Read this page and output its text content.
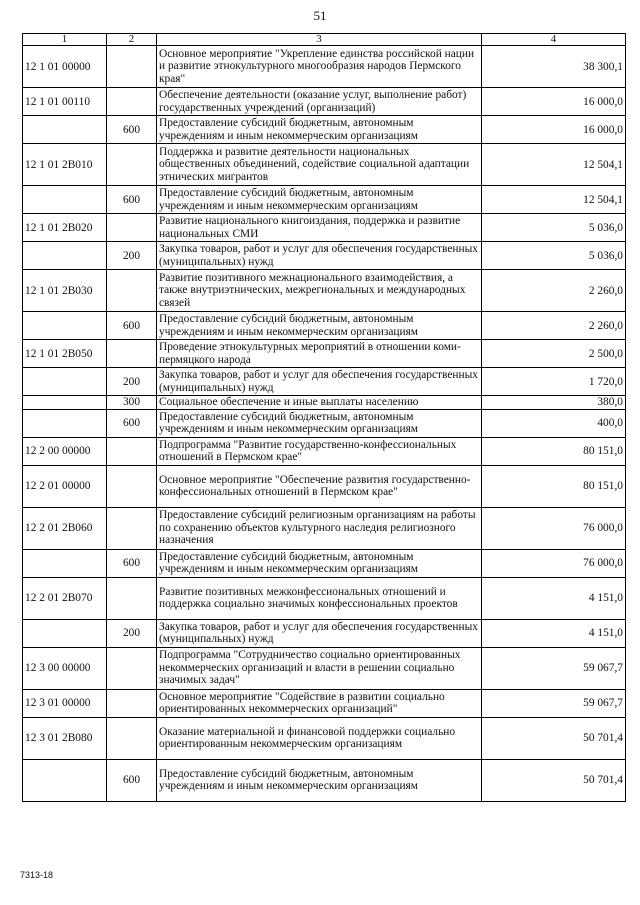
51
1	2	3	4
12 1 01 00000		Основное мероприятие "Укрепление единства российской нации и развитие этнокультурного многообразия народов Пермского края"	38 300,1
12 1 01 00110		Обеспечение деятельности (оказание услуг, выполнение работ) государственных учреждений (организаций)	16 000,0
	600	Предоставление субсидий бюджетным, автономным учреждениям и иным некоммерческим организациям	16 000,0
12 1 01 2В010		Поддержка и развитие деятельности национальных общественных объединений, содействие социальной адаптации этнических мигрантов	12 504,1
	600	Предоставление субсидий бюджетным, автономным учреждениям и иным некоммерческим организациям	12 504,1
12 1 01 2В020		Развитие национального книгоиздания, поддержка и развитие национальных СМИ	5 036,0
	200	Закупка товаров, работ и услуг для обеспечения государственных (муниципальных) нужд	5 036,0
12 1 01 2В030		Развитие позитивного межнационального взаимодействия, а также внутриэтнических, межрегиональных и международных связей	2 260,0
	600	Предоставление субсидий бюджетным, автономным учреждениям и иным некоммерческим организациям	2 260,0
12 1 01 2В050		Проведение этнокультурных мероприятий в отношении коми-пермяцкого народа	2 500,0
	200	Закупка товаров, работ и услуг для обеспечения государственных (муниципальных) нужд	1 720,0
	300	Социальное обеспечение и иные выплаты населению	380,0
	600	Предоставление субсидий бюджетным, автономным учреждениям и иным некоммерческим организациям	400,0
12 2 00 00000		Подпрограмма "Развитие государственно-конфессиональных отношений в Пермском крае"	80 151,0
12 2 01 00000		Основное мероприятие "Обеспечение развития государственно-конфессиональных отношений в Пермском крае"	80 151,0
12 2 01 2В060		Предоставление субсидий религиозным организациям на работы по сохранению объектов культурного наследия религиозного назначения	76 000,0
	600	Предоставление субсидий бюджетным, автономным учреждениям и иным некоммерческим организациям	76 000,0
12 2 01 2В070		Развитие позитивных межконфессиональных отношений и поддержка социально значимых конфессиональных проектов	4 151,0
	200	Закупка товаров, работ и услуг для обеспечения государственных (муниципальных) нужд	4 151,0
12 3 00 00000		Подпрограмма "Сотрудничество социально ориентированных некоммерческих организаций и власти в решении социально значимых задач"	59 067,7
12 3 01 00000		Основное мероприятие "Содействие в развитии социально ориентированных некоммерческих организаций"	59 067,7
12 3 01 2В080		Оказание материальной и финансовой поддержки социально ориентированным некоммерческим организациям	50 701,4
	600	Предоставление субсидий бюджетным, автономным учреждениям и иным некоммерческим организациям	50 701,4
7313-18
